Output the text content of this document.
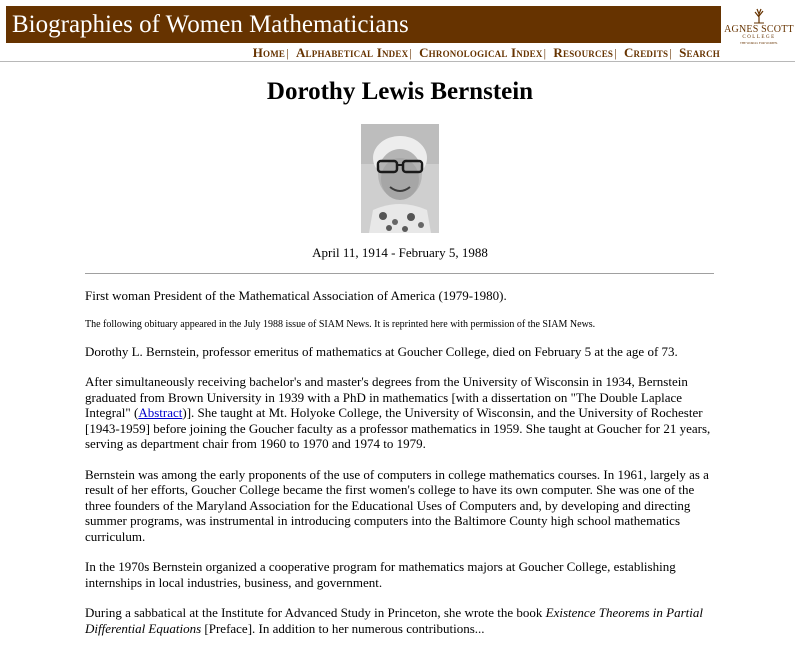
Biographies of Women Mathematicians	AGNES SCOTT
COLLEGE
THE WORLD. FOR WOMEN.
Home| Alphabetical Index| Chronological Index| Resources| Credits| Search
Dorothy Lewis Bernstein
April 11, 1914 - February 5, 1988

First woman President of the Mathematical Association of America (1979-1980).

The following obituary appeared in the July 1988 issue of SIAM News. It is reprinted here with permission of the SIAM News.

Dorothy L. Bernstein, professor emeritus of mathematics at Goucher College, died on February 5 at the age of 73.

After simultaneously receiving bachelor's and master's degrees from the University of Wisconsin in 1934, Bernstein graduated from Brown University in 1939 with a PhD in mathematics [with a dissertation on "The Double Laplace Integral" (Abstract)]. She taught at Mt. Holyoke College, the University of Wisconsin, and the University of Rochester [1943-1959] before joining the Goucher faculty as a professor mathematics in 1959. She taught at Goucher for 21 years, serving as department chair from 1960 to 1970 and 1974 to 1979.

Bernstein was among the early proponents of the use of computers in college mathematics courses. In 1961, largely as a result of her efforts, Goucher College became the first women's college to have its own computer. She was one of the three founders of the Maryland Association for the Educational Uses of Computers and, by developing and directing summer programs, was instrumental in introducing computers into the Baltimore County high school mathematics curriculum.

In the 1970s Bernstein organized a cooperative program for mathematics majors at Goucher College, establishing internships in local industries, business, and government.

During a sabbatical at the Institute for Advanced Study in Princeton, she wrote the book Existence Theorems in Partial Differential Equations [Preface]. In addition to her numerous contributions...
